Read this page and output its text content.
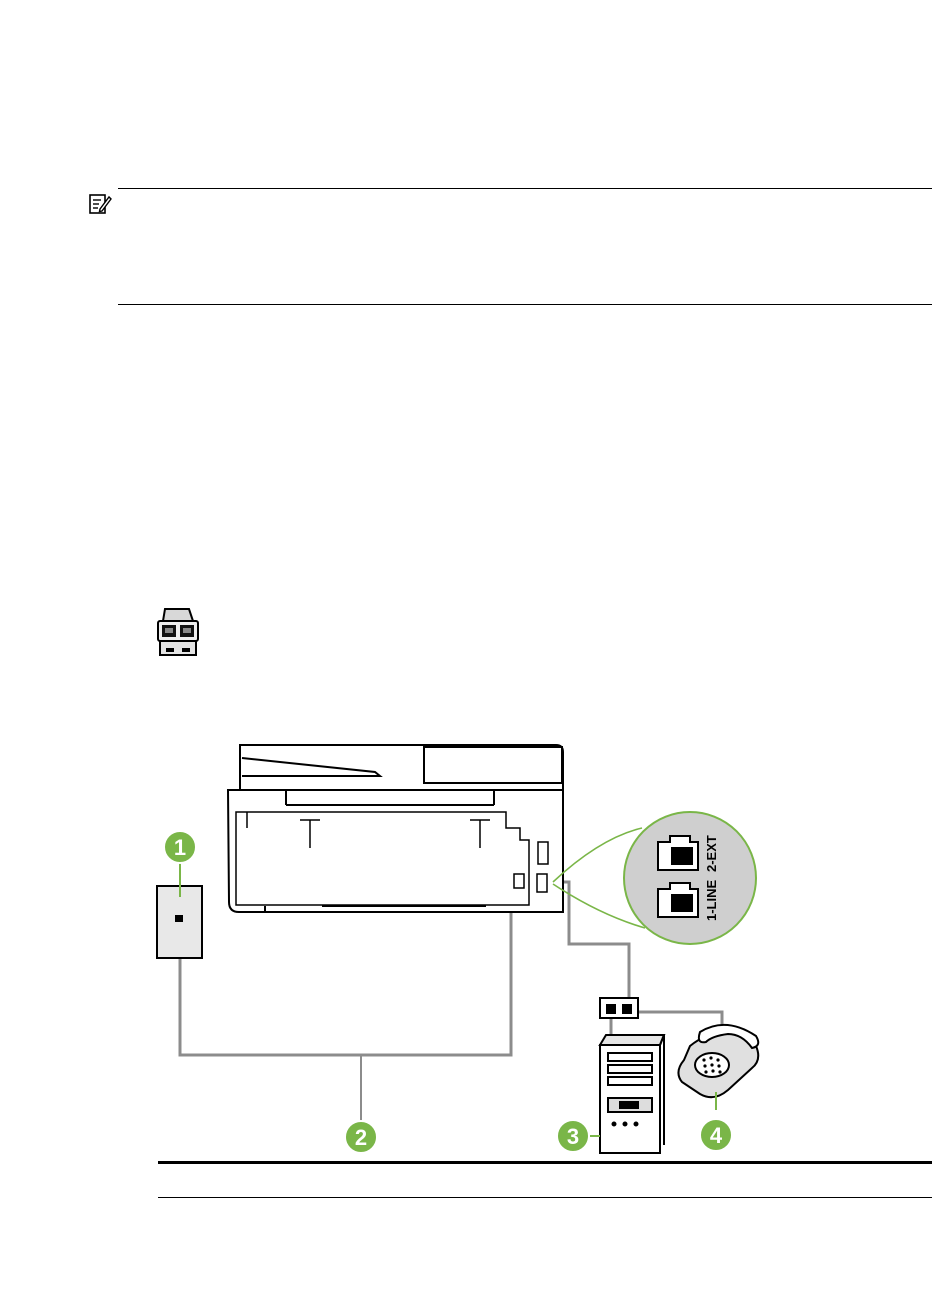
2-EXT
1-LINE
1
2	3	4
